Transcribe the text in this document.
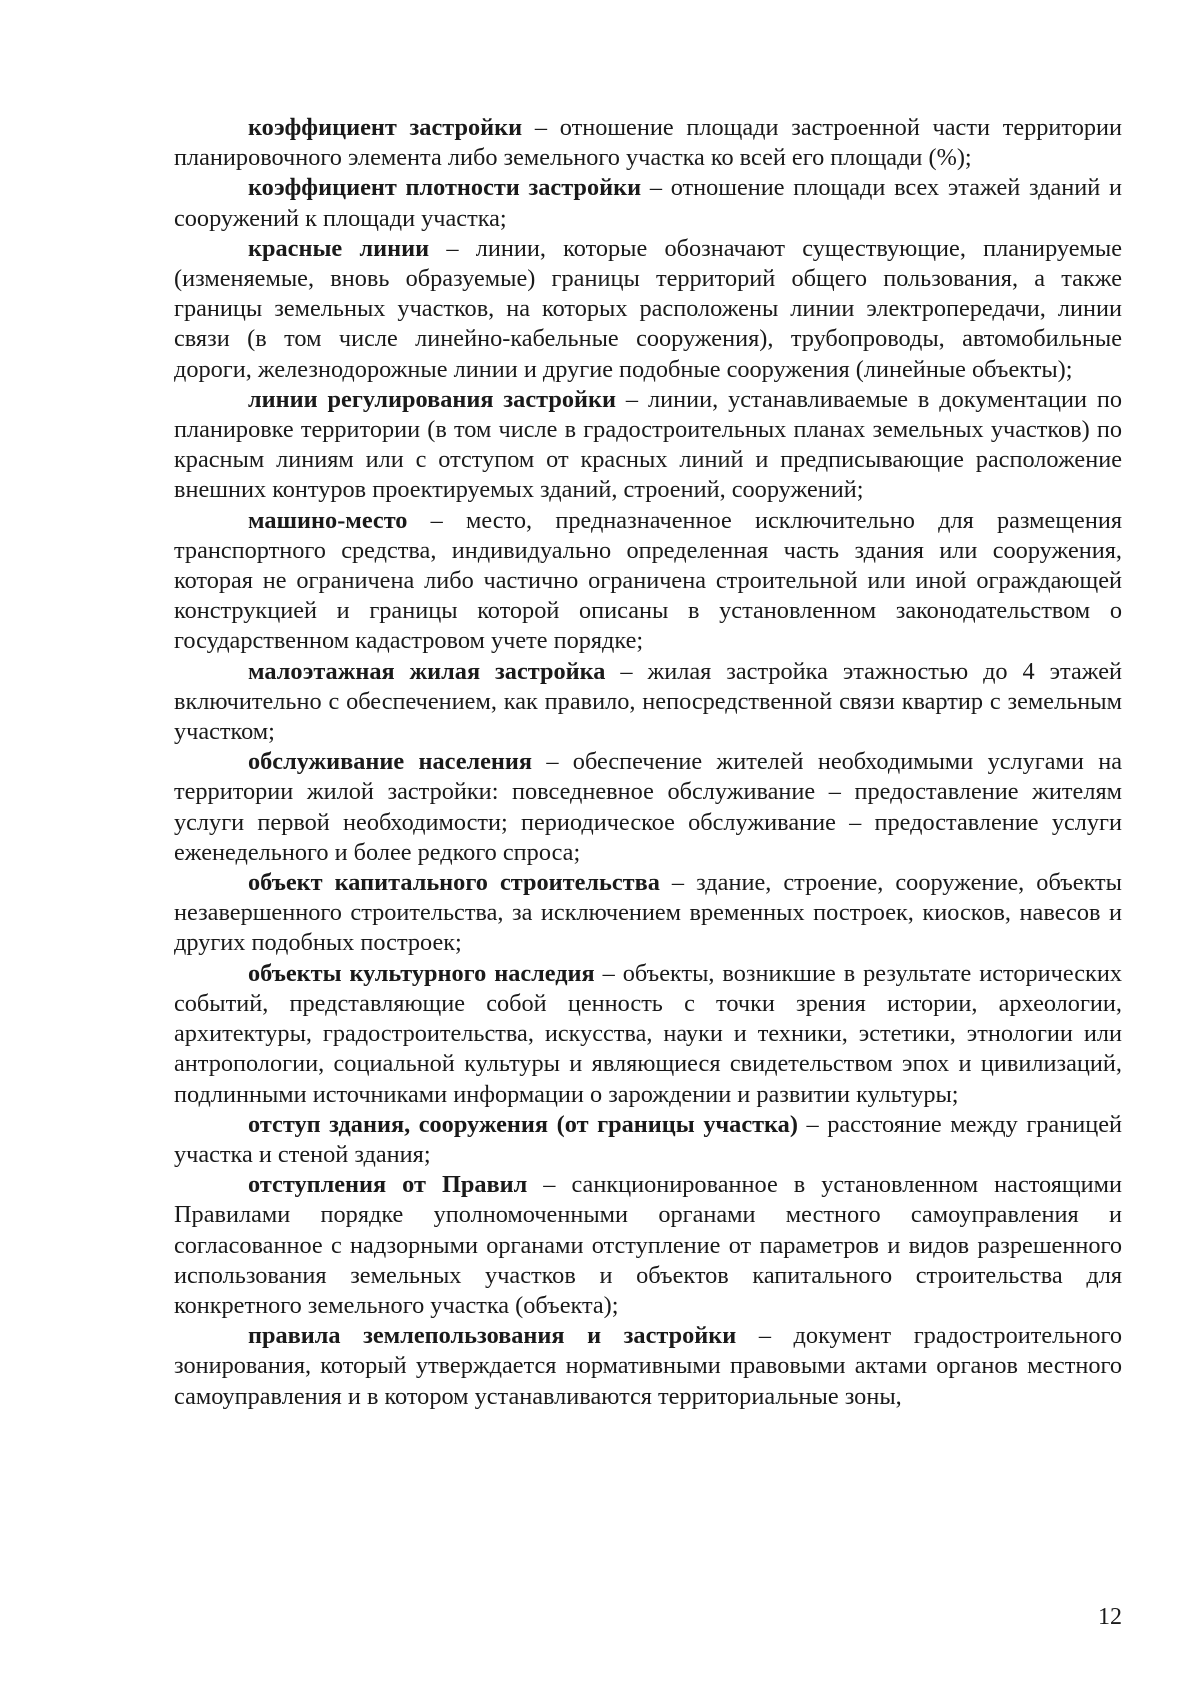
коэффициент застройки – отношение площади застроенной части территории планировочного элемента либо земельного участка ко всей его площади (%);

коэффициент плотности застройки – отношение площади всех этажей зданий и сооружений к площади участка;

красные линии – линии, которые обозначают существующие, планируемые (изменяемые, вновь образуемые) границы территорий общего пользования, а также границы земельных участков, на которых расположены линии электропередачи, линии связи (в том числе линейно-кабельные сооружения), трубопроводы, автомобильные дороги, железнодорожные линии и другие подобные сооружения (линейные объекты);

линии регулирования застройки – линии, устанавливаемые в документации по планировке территории (в том числе в градостроительных планах земельных участков) по красным линиям или с отступом от красных линий и предписывающие расположение внешних контуров проектируемых зданий, строений, сооружений;

машино-место – место, предназначенное исключительно для размещения транспортного средства, индивидуально определенная часть здания или сооружения, которая не ограничена либо частично ограничена строительной или иной ограждающей конструкцией и границы которой описаны в установленном законодательством о государственном кадастровом учете порядке;

малоэтажная жилая застройка – жилая застройка этажностью до 4 этажей включительно с обеспечением, как правило, непосредственной связи квартир с земельным участком;

обслуживание населения – обеспечение жителей необходимыми услугами на территории жилой застройки: повседневное обслуживание – предоставление жителям услуги первой необходимости; периодическое обслуживание – предоставление услуги еженедельного и более редкого спроса;

объект капитального строительства – здание, строение, сооружение, объекты незавершенного строительства, за исключением временных построек, киосков, навесов и других подобных построек;

объекты культурного наследия – объекты, возникшие в результате исторических событий, представляющие собой ценность с точки зрения истории, археологии, архитектуры, градостроительства, искусства, науки и техники, эстетики, этнологии или антропологии, социальной культуры и являющиеся свидетельством эпох и цивилизаций, подлинными источниками информации о зарождении и развитии культуры;

отступ здания, сооружения (от границы участка) – расстояние между границей участка и стеной здания;

отступления от Правил – санкционированное в установленном настоящими Правилами порядке уполномоченными органами местного самоуправления и согласованное с надзорными органами отступление от параметров и видов разрешенного использования земельных участков и объектов капитального строительства для конкретного земельного участка (объекта);

правила землепользования и застройки – документ градостроительного зонирования, который утверждается нормативными правовыми актами органов местного самоуправления и в котором устанавливаются территориальные зоны,

12
